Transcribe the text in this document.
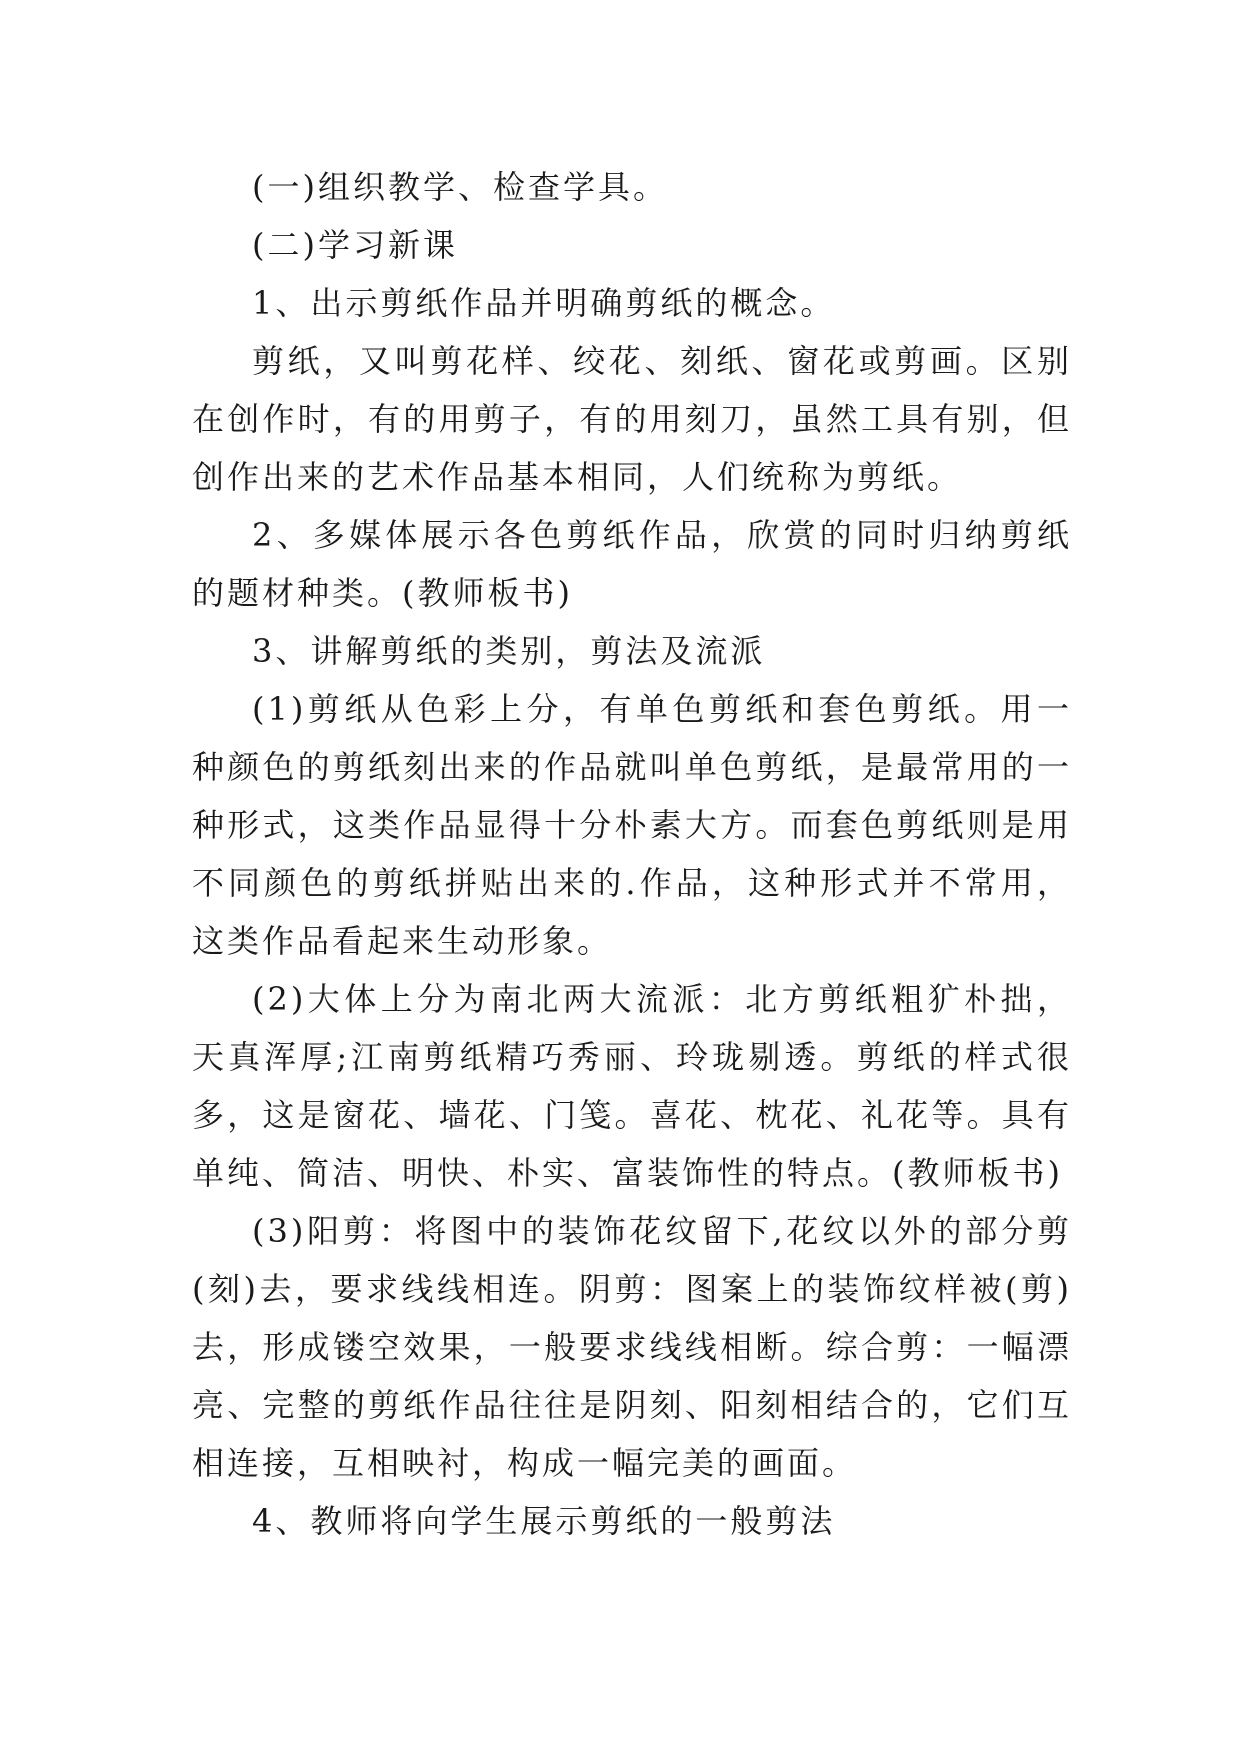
(一)组织教学、检查学具。

(二)学习新课

1、出示剪纸作品并明确剪纸的概念。

剪纸，又叫剪花样、绞花、刻纸、窗花或剪画。区别在创作时，有的用剪子，有的用刻刀，虽然工具有别，但创作出来的艺术作品基本相同，人们统称为剪纸。

2、多媒体展示各色剪纸作品，欣赏的同时归纳剪纸的题材种类。(教师板书)

3、讲解剪纸的类别，剪法及流派

(1)剪纸从色彩上分，有单色剪纸和套色剪纸。用一种颜色的剪纸刻出来的作品就叫单色剪纸，是最常用的一种形式，这类作品显得十分朴素大方。而套色剪纸则是用不同颜色的剪纸拼贴出来的.作品，这种形式并不常用，这类作品看起来生动形象。

(2)大体上分为南北两大流派：北方剪纸粗犷朴拙，天真浑厚;江南剪纸精巧秀丽、玲珑剔透。剪纸的样式很多，这是窗花、墙花、门笺。喜花、枕花、礼花等。具有单纯、简洁、明快、朴实、富装饰性的特点。(教师板书)

(3)阳剪：将图中的装饰花纹留下,花纹以外的部分剪(刻)去，要求线线相连。阴剪：图案上的装饰纹样被(剪)去，形成镂空效果，一般要求线线相断。综合剪：一幅漂亮、完整的剪纸作品往往是阴刻、阳刻相结合的，它们互相连接，互相映衬，构成一幅完美的画面。

4、教师将向学生展示剪纸的一般剪法
